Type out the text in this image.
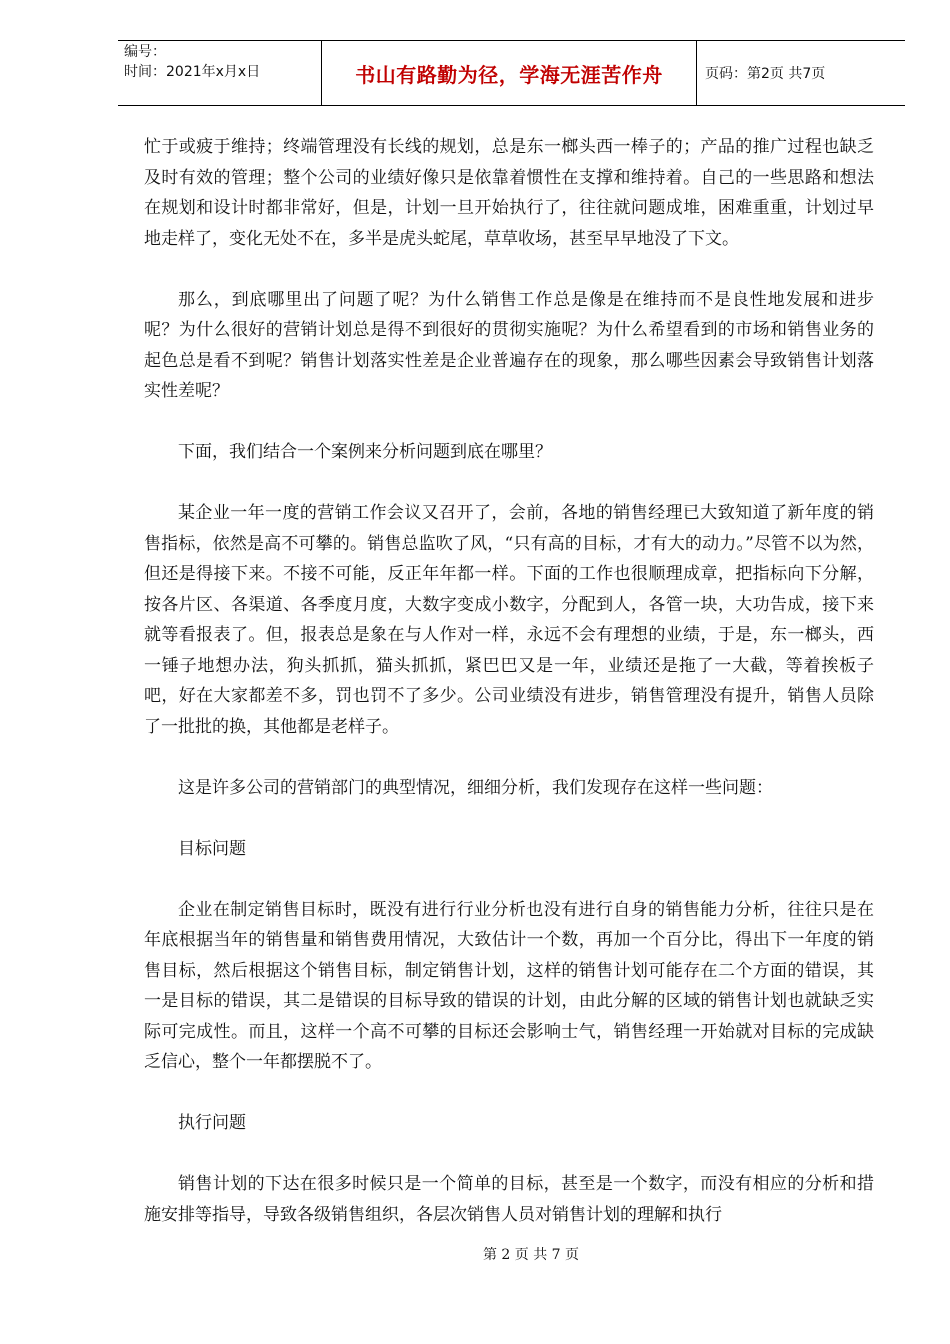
编号：
时间：2021年x月x日	书山有路勤为径，学海无涯苦作舟	页码：第2页 共7页

忙于或疲于维持；终端管理没有长线的规划，总是东一榔头西一棒子的；产品的推广过程也缺乏及时有效的管理；整个公司的业绩好像只是依靠着惯性在支撑和维持着。自己的一些思路和想法在规划和设计时都非常好，但是，计划一旦开始执行了，往往就问题成堆，困难重重，计划过早地走样了，变化无处不在，多半是虎头蛇尾，草草收场，甚至早早地没了下文。

那么，到底哪里出了问题了呢？为什么销售工作总是像是在维持而不是良性地发展和进步呢？为什么很好的营销计划总是得不到很好的贯彻实施呢？为什么希望看到的市场和销售业务的起色总是看不到呢？销售计划落实性差是企业普遍存在的现象，那么哪些因素会导致销售计划落实性差呢？

下面，我们结合一个案例来分析问题到底在哪里？

某企业一年一度的营销工作会议又召开了，会前，各地的销售经理已大致知道了新年度的销售指标，依然是高不可攀的。销售总监吹了风，“只有高的目标，才有大的动力。”尽管不以为然，但还是得接下来。不接不可能，反正年年都一样。下面的工作也很顺理成章，把指标向下分解，按各片区、各渠道、各季度月度，大数字变成小数字，分配到人，各管一块，大功告成，接下来就等看报表了。但，报表总是象在与人作对一样，永远不会有理想的业绩，于是，东一榔头，西一锤子地想办法，狗头抓抓，猫头抓抓，紧巴巴又是一年，业绩还是拖了一大截，等着挨板子吧，好在大家都差不多，罚也罚不了多少。公司业绩没有进步，销售管理没有提升，销售人员除了一批批的换，其他都是老样子。

这是许多公司的营销部门的典型情况，细细分析，我们发现存在这样一些问题：

目标问题

企业在制定销售目标时，既没有进行行业分析也没有进行自身的销售能力分析，往往只是在年底根据当年的销售量和销售费用情况，大致估计一个数，再加一个百分比，得出下一年度的销售目标，然后根据这个销售目标，制定销售计划，这样的销售计划可能存在二个方面的错误，其一是目标的错误，其二是错误的目标导致的错误的计划，由此分解的区域的销售计划也就缺乏实际可完成性。而且，这样一个高不可攀的目标还会影响士气，销售经理一开始就对目标的完成缺乏信心，整个一年都摆脱不了。

执行问题

销售计划的下达在很多时候只是一个简单的目标，甚至是一个数字，而没有相应的分析和措施安排等指导，导致各级销售组织，各层次销售人员对销售计划的理解和执行

第 2 页 共 7 页
